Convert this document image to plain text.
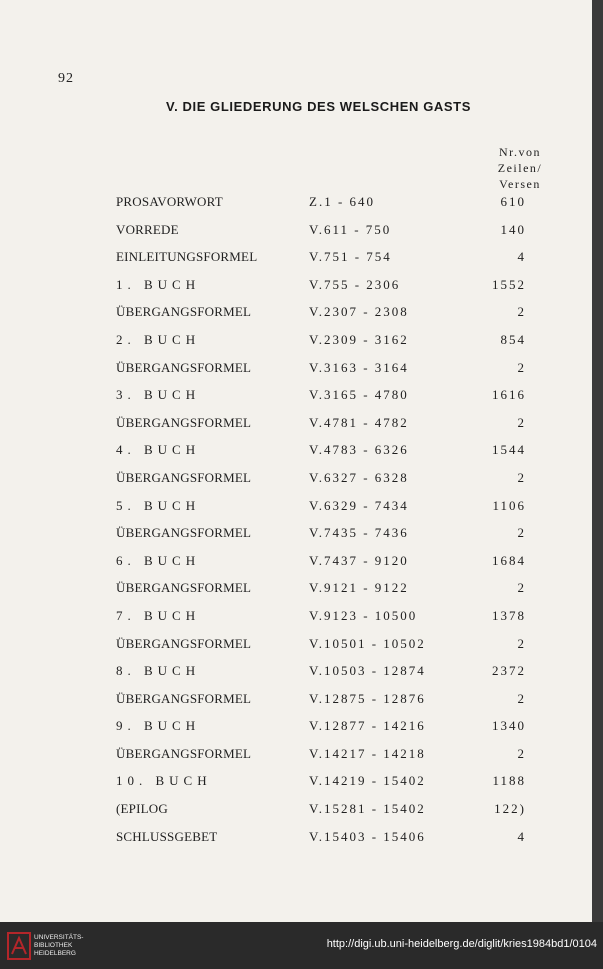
92
V. DIE GLIEDERUNG DES WELSCHEN GASTS
Nr.von
Zeilen/
Versen
PROSAVORWORT	Z.1 - 640	610
VORREDE	V.611 - 750	140
EINLEITUNGSFORMEL	V.751 - 754	4
1. BUCH	V.755 - 2306	1552
ÜBERGANGSFORMEL	V.2307 - 2308	2
2. BUCH	V.2309 - 3162	854
ÜBERGANGSFORMEL	V.3163 - 3164	2
3. BUCH	V.3165 - 4780	1616
ÜBERGANGSFORMEL	V.4781 - 4782	2
4. BUCH	V.4783 - 6326	1544
ÜBERGANGSFORMEL	V.6327 - 6328	2
5. BUCH	V.6329 - 7434	1106
ÜBERGANGSFORMEL	V.7435 - 7436	2
6. BUCH	V.7437 - 9120	1684
ÜBERGANGSFORMEL	V.9121 - 9122	2
7. BUCH	V.9123 - 10500	1378
ÜBERGANGSFORMEL	V.10501 - 10502	2
8. BUCH	V.10503 - 12874	2372
ÜBERGANGSFORMEL	V.12875 - 12876	2
9. BUCH	V.12877 - 14216	1340
ÜBERGANGSFORMEL	V.14217 - 14218	2
10. BUCH	V.14219 - 15402	1188
(EPILOG	V.15281 - 15402	122)
SCHLUSSGEBET	V.15403 - 15406	4
UNIVERSITÄTS-
BIBLIOTHEK
HEIDELBERG
http://digi.ub.uni-heidelberg.de/diglit/kries1984bd1/0104
